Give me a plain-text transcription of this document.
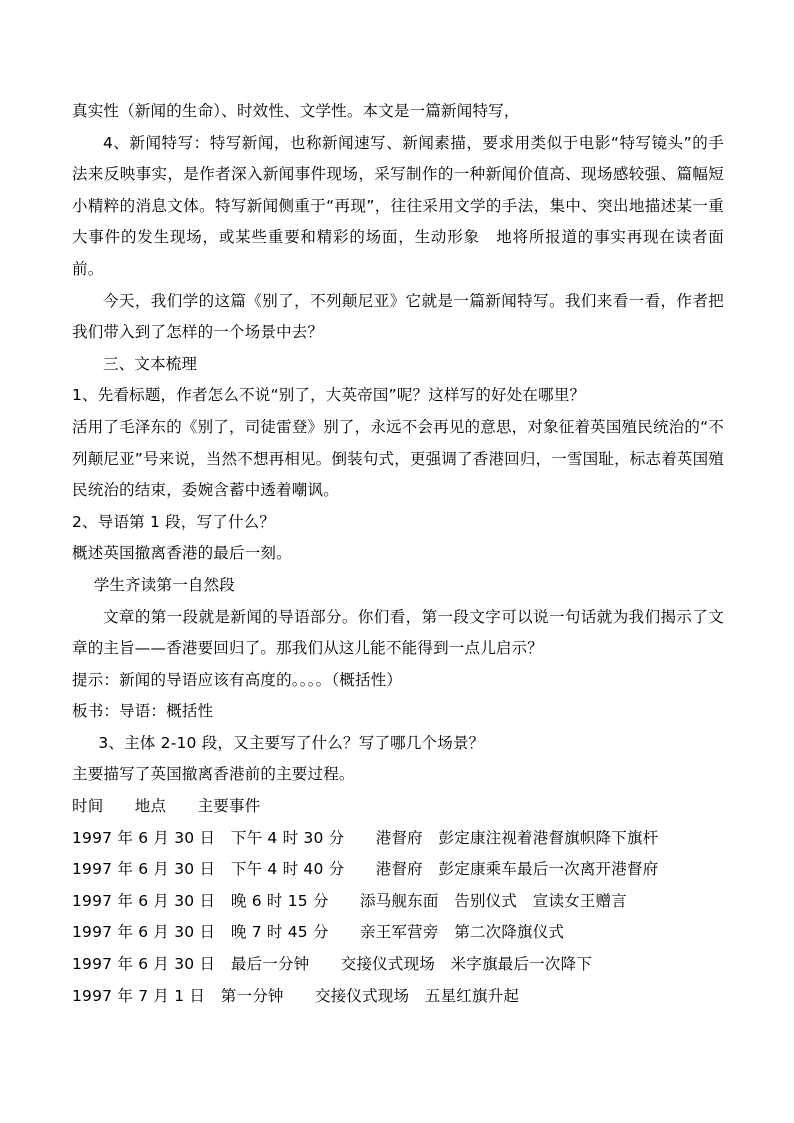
真实性（新闻的生命）、时效性、文学性。本文是一篇新闻特写，

4、新闻特写：特写新闻，也称新闻速写、新闻素描，要求用类似于电影“特写镜头”的手法来反映事实，是作者深入新闻事件现场，采写制作的一种新闻价值高、现场感较强、篇幅短小精粹的消息文体。特写新闻侧重于“再现”，往往采用文学的手法，集中、突出地描述某一重大事件的发生现场，或某些重要和精彩的场面，生动形象　地将所报道的事实再现在读者面前。

今天，我们学的这篇《别了，不列颠尼亚》它就是一篇新闻特写。我们来看一看，作者把我们带入到了怎样的一个场景中去？

三、文本梳理

1、先看标题，作者怎么不说“别了，大英帝国”呢？这样写的好处在哪里？

活用了毛泽东的《别了，司徒雷登》别了，永远不会再见的意思，对象征着英国殖民统治的“不列颠尼亚”号来说，当然不想再相见。倒装句式，更强调了香港回归，一雪国耻，标志着英国殖民统治的结束，委婉含蓄中透着嘲讽。

2、导语第 1 段，写了什么？

概述英国撤离香港的最后一刻。

学生齐读第一自然段

文章的第一段就是新闻的导语部分。你们看，第一段文字可以说一句话就为我们揭示了文章的主旨——香港要回归了。那我们从这儿能不能得到一点儿启示？

提示：新闻的导语应该有高度的。。。。（概括性）

板书：导语：概括性

3、主体 2-10 段，又主要写了什么？写了哪几个场景？

主要描写了英国撤离香港前的主要过程。

时间　　地点　　主要事件

1997 年 6 月 30 日　下午 4 时 30 分　　港督府　彭定康注视着港督旗帜降下旗杆

1997 年 6 月 30 日　下午 4 时 40 分　　港督府　彭定康乘车最后一次离开港督府

1997 年 6 月 30 日　晚 6 时 15 分　　添马舰东面　告别仪式　宣读女王赠言

1997 年 6 月 30 日　晚 7 时 45 分　　亲王军营旁　第二次降旗仪式

1997 年 6 月 30 日　最后一分钟　　交接仪式现场　米字旗最后一次降下

1997 年 7 月 1 日　第一分钟　　交接仪式现场　五星红旗升起
